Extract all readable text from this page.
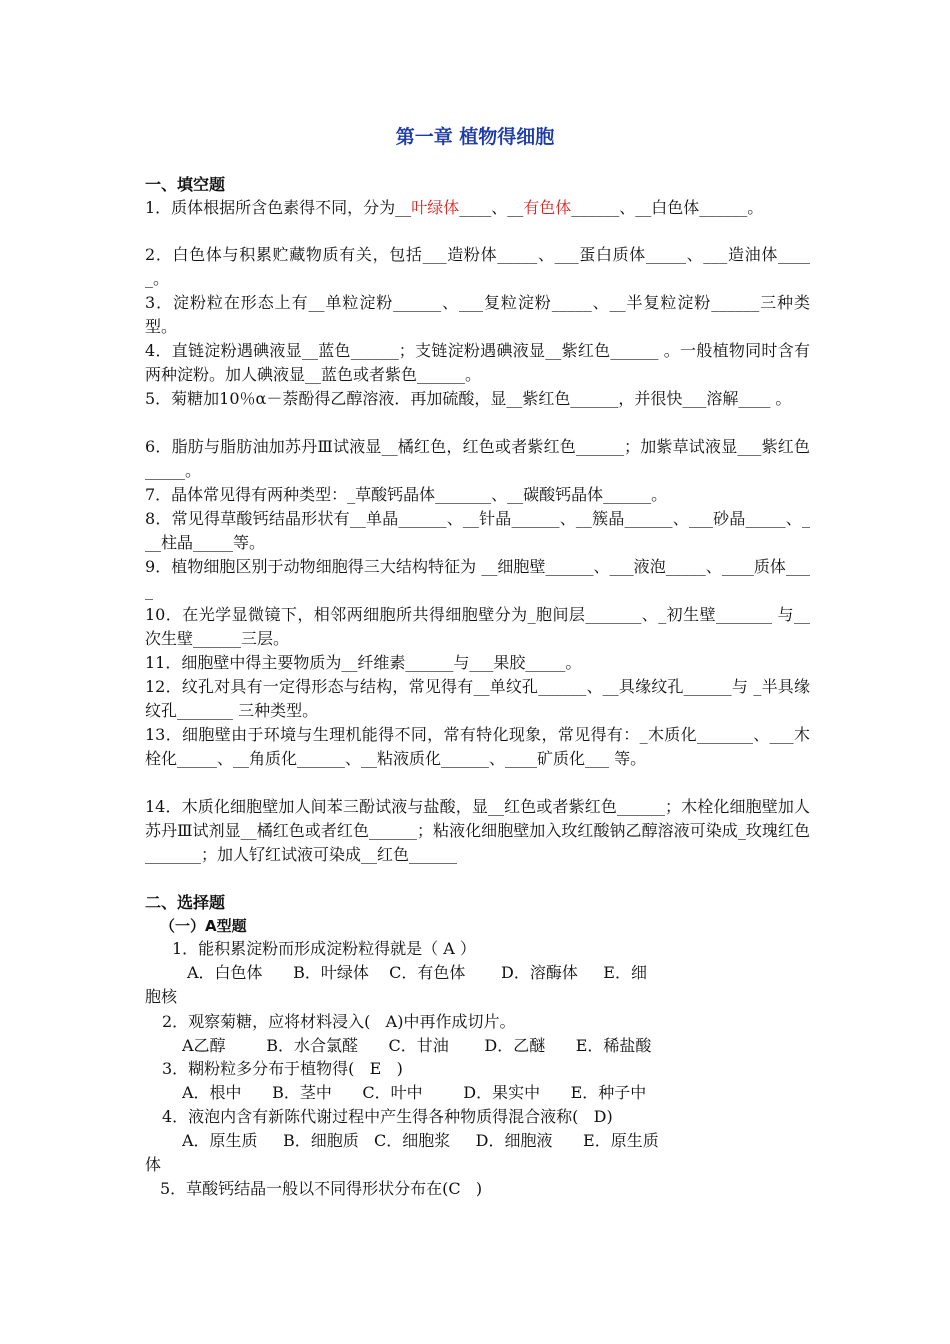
第一章 植物得细胞
一、填空题
1．质体根据所含色素得不同，分为__叶绿体____、__有色体______、__白色体______。
2．白色体与积累贮藏物质有关，包括___造粉体_____、___蛋白质体_____、___造油体_____。
3．淀粉粒在形态上有__单粒淀粉______、___复粒淀粉_____、__半复粒淀粉______三种类型。
4．直链淀粉遇碘液显__蓝色______；支链淀粉遇碘液显__紫红色______ 。一般植物同时含有两种淀粉。加人碘液显__蓝色或者紫色______。
5．菊糖加10％α－萘酚得乙醇溶液．再加硫酸，显__紫红色______，并很快___溶解____ 。
6．脂肪与脂肪油加苏丹Ⅲ试液显__橘红色，红色或者紫红色______；加紫草试液显___紫红色_____。
7．晶体常见得有两种类型：_草酸钙晶体_______、__碳酸钙晶体______。
8．常见得草酸钙结晶形状有__单晶______、__针晶______、__簇晶______、___砂晶_____、___柱晶_____等。
9．植物细胞区别于动物细胞得三大结构特征为 __细胞壁______、___液泡_____、____质体____
10．在光学显微镜下，相邻两细胞所共得细胞壁分为_胞间层_______、_初生壁_______ 与__次生壁______三层。
11．细胞壁中得主要物质为__纤维素______与___果胶_____。
12．纹孔对具有一定得形态与结构，常见得有__单纹孔______、__具缘纹孔______与 _半具缘纹孔_______ 三种类型。
13．细胞壁由于环境与生理机能得不同，常有特化现象，常见得有：_木质化_______、___木栓化_____、__角质化______、__粘液质化______、____矿质化___ 等。
14．木质化细胞壁加人间苯三酚试液与盐酸，显__红色或者紫红色______；木栓化细胞壁加人苏丹Ⅲ试剂显__橘红色或者红色______；粘液化细胞壁加入玫红酸钠乙醇溶液可染成_玫瑰红色_______；加人钌红试液可染成__红色______
二、选择题
（一）A型题
1．能积累淀粉而形成淀粉粒得就是（ A ）
A．白色体      B．叶绿体    C．有色体       D．溶酶体     E．细
胞核
2．观察菊糖，应将材料浸入(   A)中再作成切片。
A乙醇        B．水合氯醛      C．甘油       D．乙醚      E．稀盐酸
3．糊粉粒多分布于植物得(   E   )
A．根中      B．茎中      C．叶中        D．果实中      E．种子中
4．液泡内含有新陈代谢过程中产生得各种物质得混合液称(   D)
A．原生质     B．细胞质   C．细胞浆     D．细胞液      E．原生质
体
5．草酸钙结晶一般以不同得形状分布在(C   )
